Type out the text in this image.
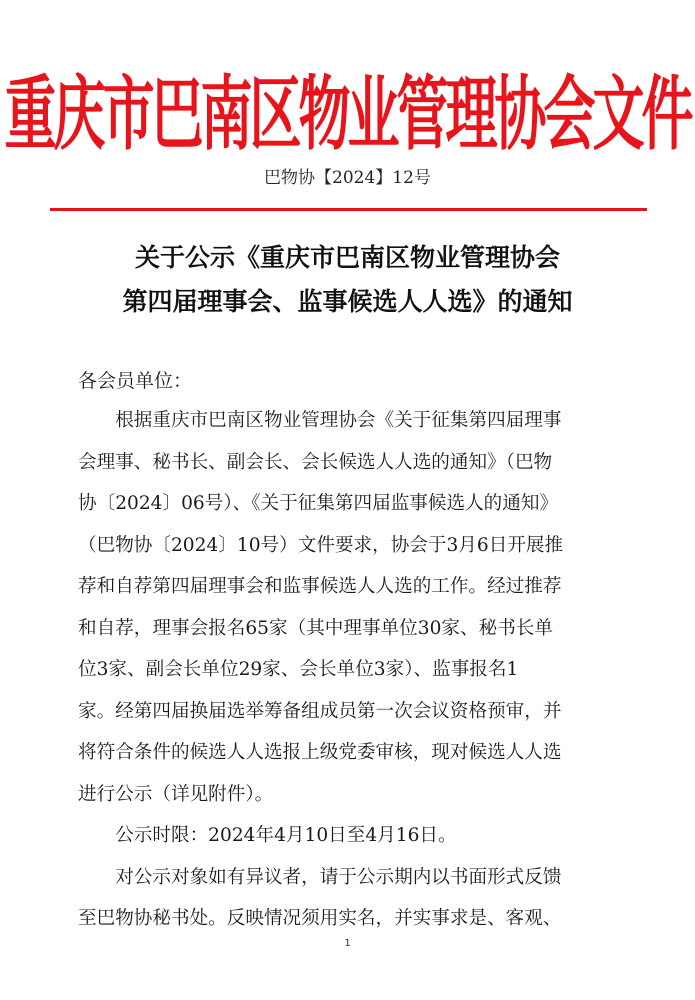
重庆市巴南区物业管理协会文件
巴物协【2024】12号
关于公示《重庆市巴南区物业管理协会
第四届理事会、监事候选人人选》的通知
各会员单位：

根据重庆市巴南区物业管理协会《关于征集第四届理事
会理事、秘书长、副会长、会长候选人人选的通知》（巴物
协〔2024〕06号）、《关于征集第四届监事候选人的通知》
（巴物协〔2024〕10号）文件要求，协会于3月6日开展推
荐和自荐第四届理事会和监事候选人人选的工作。经过推荐
和自荐，理事会报名65家（其中理事单位30家、秘书长单
位3家、副会长单位29家、会长单位3家）、监事报名1
家。经第四届换届选举筹备组成员第一次会议资格预审，并
将符合条件的候选人人选报上级党委审核，现对候选人人选
进行公示（详见附件）。

公示时限：2024年4月10日至4月16日。

对公示对象如有异议者，请于公示期内以书面形式反馈
至巴物协秘书处。反映情况须用实名，并实事求是、客观、

1
